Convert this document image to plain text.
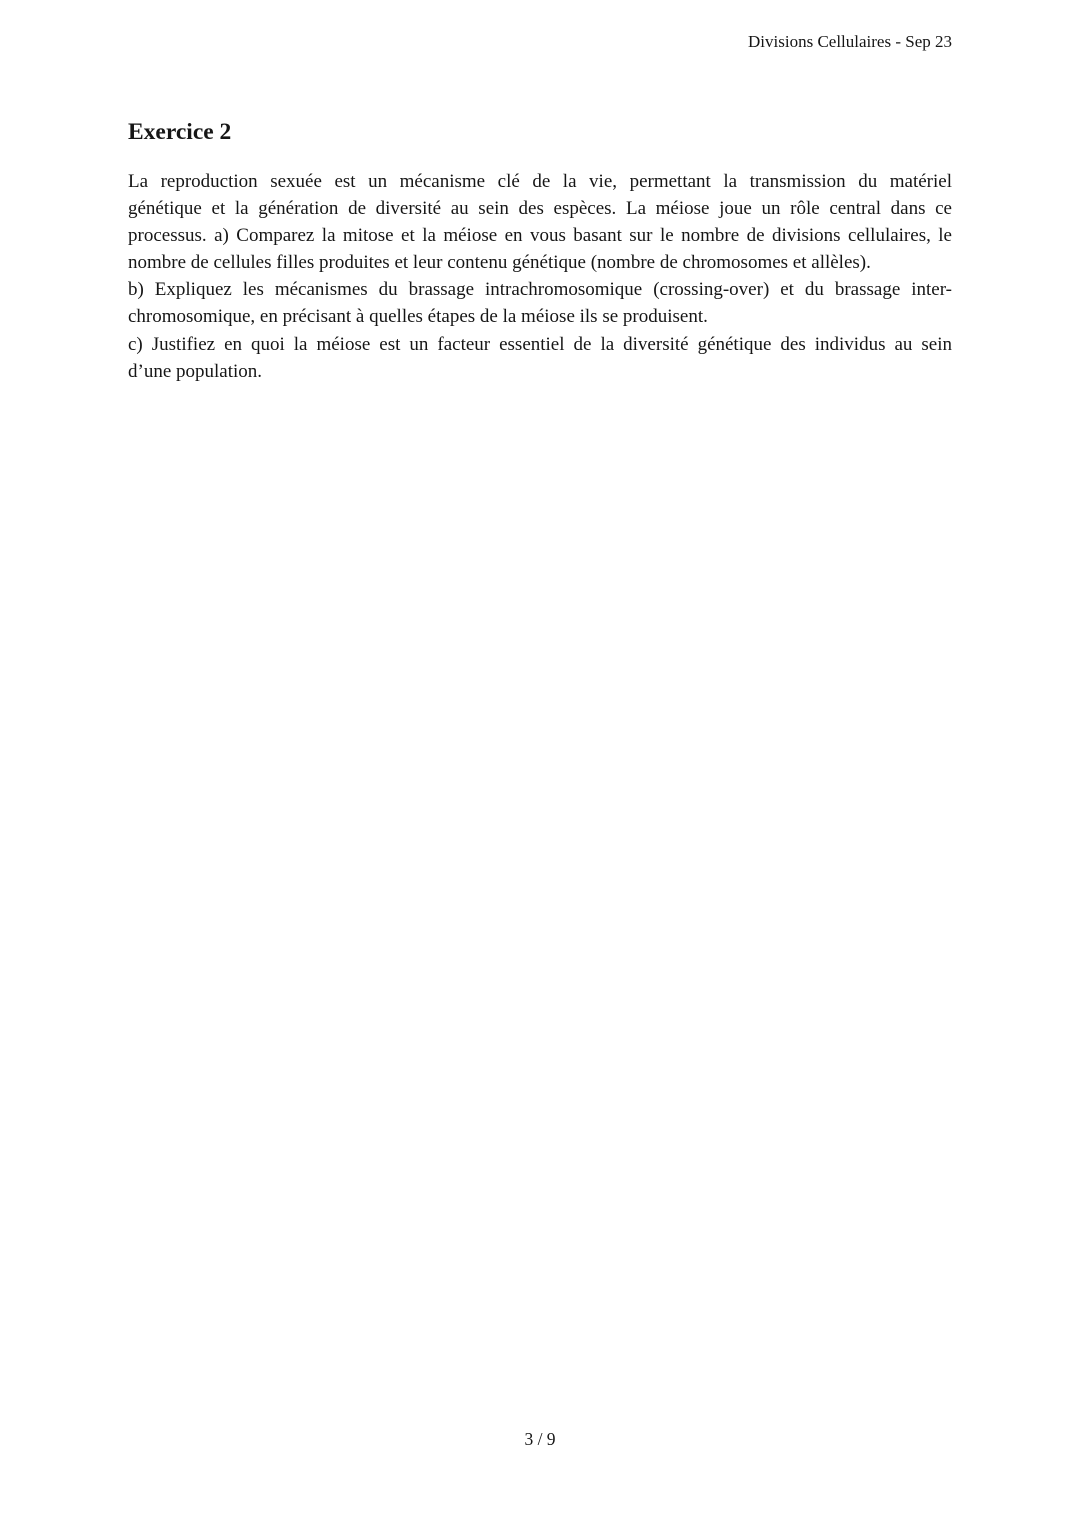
Divisions Cellulaires - Sep 23
Exercice 2
La reproduction sexuée est un mécanisme clé de la vie, permettant la transmission du matériel
génétique et la génération de diversité au sein des espèces. La méiose joue un rôle central dans ce
processus. a) Comparez la mitose et la méiose en vous basant sur le nombre de divisions cellulaires, le
nombre de cellules filles produites et leur contenu génétique (nombre de chromosomes et allèles).
b) Expliquez les mécanismes du brassage intrachromosomique (crossing-over) et du brassage inter-
chromosomique, en précisant à quelles étapes de la méiose ils se produisent.
c) Justifiez en quoi la méiose est un facteur essentiel de la diversité génétique des individus au sein
d’une population.
3 / 9
